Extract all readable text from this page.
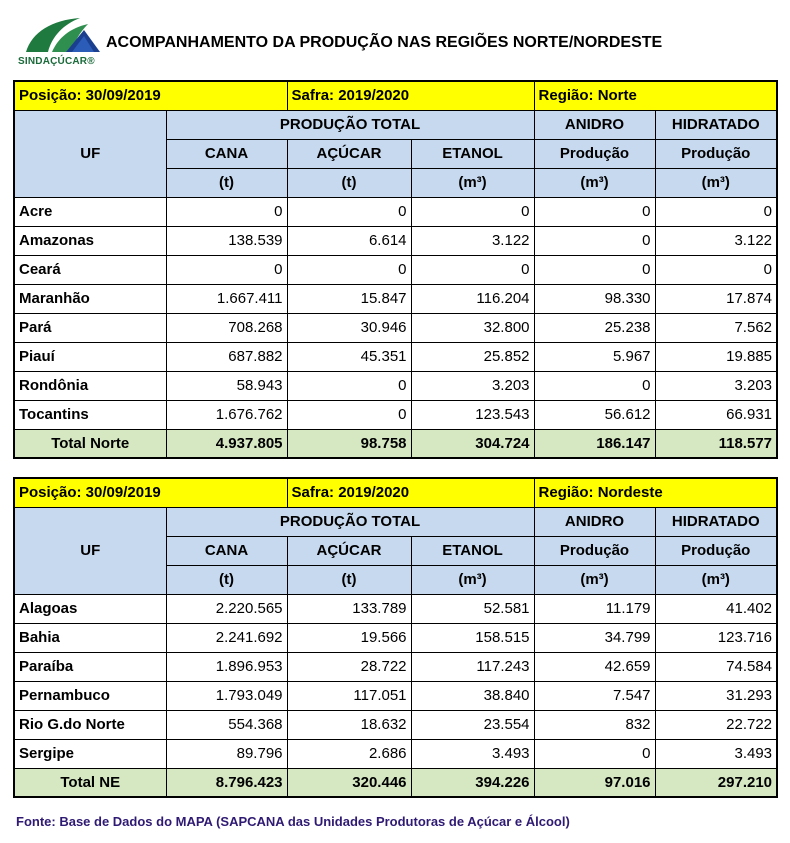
SINDAÇÚCAR®
ACOMPANHAMENTO DA PRODUÇÃO NAS REGIÕES NORTE/NORDESTE
Posição: 30/09/2019		Safra: 2019/2020		Região: Norte	
UF	PRODUÇÃO TOTAL			ANIDRO	HIDRATADO
	CANA	AÇÚCAR	ETANOL	Produção	Produção
	(t)	(t)	(m³)	(m³)	(m³)
Acre	0	0	0	0	0
Amazonas	138.539	6.614	3.122	0	3.122
Ceará	0	0	0	0	0
Maranhão	1.667.411	15.847	116.204	98.330	17.874
Pará	708.268	30.946	32.800	25.238	7.562
Piauí	687.882	45.351	25.852	5.967	19.885
Rondônia	58.943	0	3.203	0	3.203
Tocantins	1.676.762	0	123.543	56.612	66.931
Total Norte	4.937.805	98.758	304.724	186.147	118.577
Posição: 30/09/2019		Safra: 2019/2020		Região: Nordeste	
UF	PRODUÇÃO TOTAL			ANIDRO	HIDRATADO
	CANA	AÇÚCAR	ETANOL	Produção	Produção
	(t)	(t)	(m³)	(m³)	(m³)
Alagoas	2.220.565	133.789	52.581	11.179	41.402
Bahia	2.241.692	19.566	158.515	34.799	123.716
Paraíba	1.896.953	28.722	117.243	42.659	74.584
Pernambuco	1.793.049	117.051	38.840	7.547	31.293
Rio G.do Norte	554.368	18.632	23.554	832	22.722
Sergipe	89.796	2.686	3.493	0	3.493
Total NE	8.796.423	320.446	394.226	97.016	297.210
Fonte: Base de Dados do MAPA (SAPCANA das Unidades Produtoras de Açúcar e Álcool)
